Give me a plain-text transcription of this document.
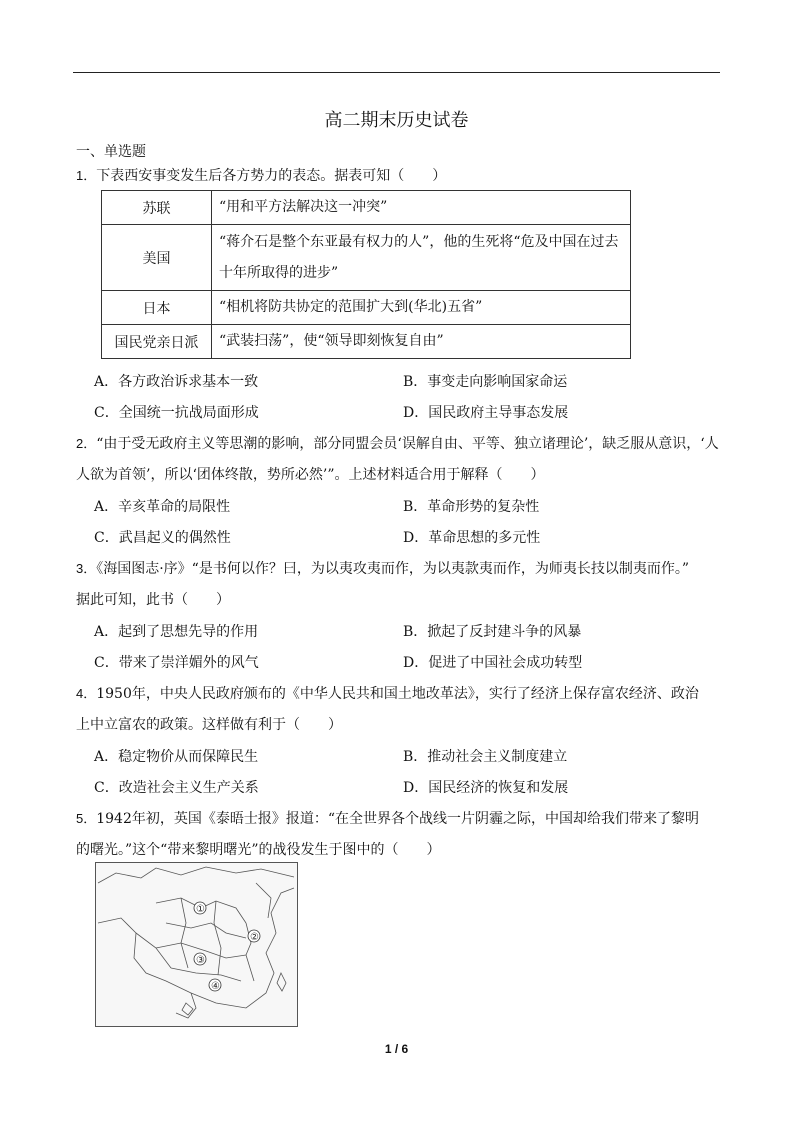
高二期末历史试卷
一、单选题
1．下表西安事变发生后各方势力的表态。据表可知（　　）
苏联	“用和平方法解决这一冲突”
美国	“蒋介石是整个东亚最有权力的人”，他的生死将“危及中国在过去十年所取得的进步”
日本	“相机将防共协定的范围扩大到(华北)五省”
国民党亲日派	“武装扫荡”，使“领导即刻恢复自由”
A．各方政治诉求基本一致	B．事变走向影响国家命运
C．全国统一抗战局面形成	D．国民政府主导事态发展
2．“由于受无政府主义等思潮的影响，部分同盟会员‘误解自由、平等、独立诸理论’，缺乏服从意识，‘人
人欲为首领’，所以‘团体终散，势所必然’”。上述材料适合用于解释（　　）
A．辛亥革命的局限性	B．革命形势的复杂性
C．武昌起义的偶然性	D．革命思想的多元性
3．《海国图志·序》“是书何以作？曰，为以夷攻夷而作，为以夷款夷而作，为师夷长技以制夷而作。”
据此可知，此书（　　）
A．起到了思想先导的作用	B．掀起了反封建斗争的风暴
C．带来了崇洋媚外的风气	D．促进了中国社会成功转型
4．1950年，中央人民政府颁布的《中华人民共和国土地改革法》，实行了经济上保存富农经济、政治
上中立富农的政策。这样做有利于（　　）
A．稳定物价从而保障民生	B．推动社会主义制度建立
C．改造社会主义生产关系	D．国民经济的恢复和发展
5．1942年初，英国《泰晤士报》报道：“在全世界各个战线一片阴霾之际，中国却给我们带来了黎明
的曙光。”这个“带来黎明曙光”的战役发生于图中的（　　）
①
②
③
④
1 / 6
